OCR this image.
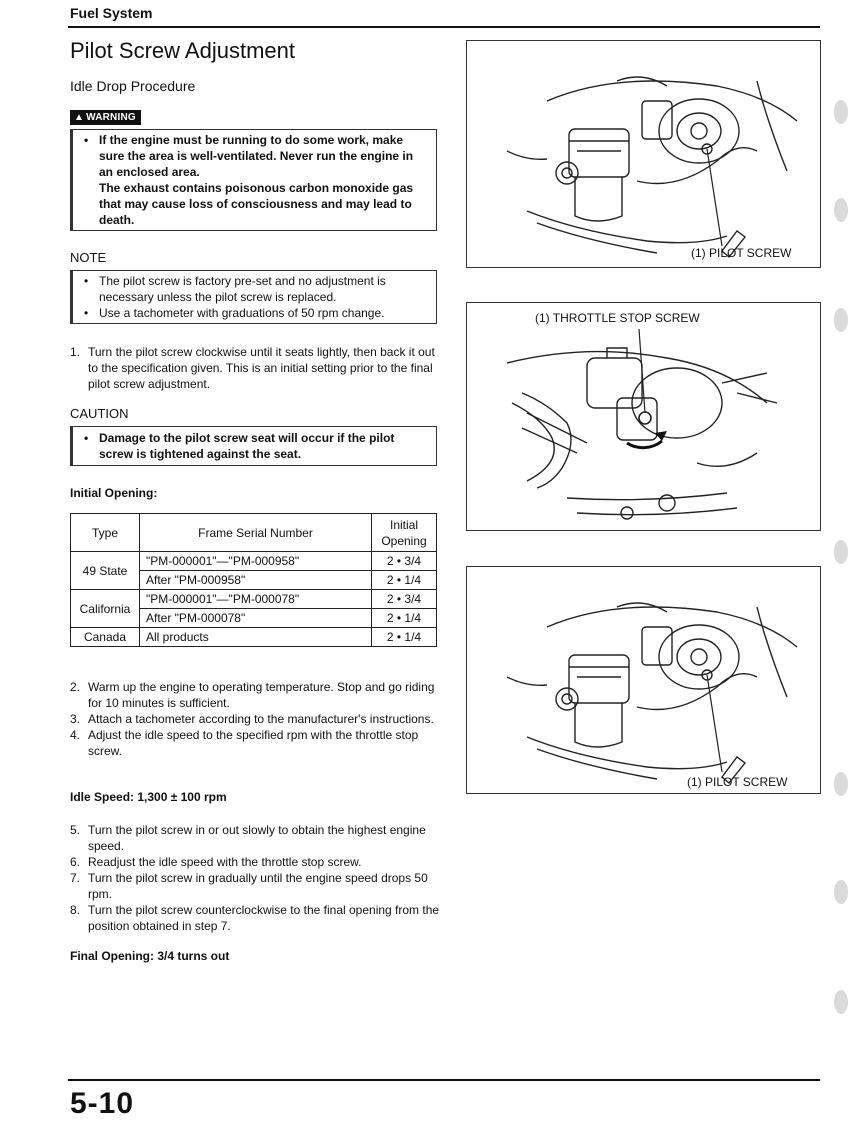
Fuel System
Pilot Screw Adjustment
Idle Drop Procedure
▲ WARNING
• If the engine must be running to do some work, make sure the area is well-ventilated. Never run the engine in an enclosed area.
The exhaust contains poisonous carbon monoxide gas that may cause loss of consciousness and may lead to death.
NOTE
• The pilot screw is factory pre-set and no adjustment is necessary unless the pilot screw is replaced.
• Use a tachometer with graduations of 50 rpm change.
1. Turn the pilot screw clockwise until it seats lightly, then back it out to the specification given. This is an initial setting prior to the final pilot screw adjustment.
CAUTION
• Damage to the pilot screw seat will occur if the pilot screw is tightened against the seat.
Initial Opening:
Type	Frame Serial Number	Initial Opening
49 State	"PM-000001"—"PM-000958"	2 • 3/4
	After "PM-000958"	2 • 1/4
California	"PM-000001"—"PM-000078"	2 • 3/4
	After "PM-000078"	2 • 1/4
Canada	All products	2 • 1/4
2. Warm up the engine to operating temperature. Stop and go riding for 10 minutes is sufficient.
3. Attach a tachometer according to the manufacturer's instructions.
4. Adjust the idle speed to the specified rpm with the throttle stop screw.
Idle Speed: 1,300 ± 100 rpm
5. Turn the pilot screw in or out slowly to obtain the highest engine speed.
6. Readjust the idle speed with the throttle stop screw.
7. Turn the pilot screw in gradually until the engine speed drops 50 rpm.
8. Turn the pilot screw counterclockwise to the final opening from the position obtained in step 7.
Final Opening: 3/4 turns out
(1) PILOT SCREW
(1) THROTTLE STOP SCREW
(1) PILOT SCREW
5-10
